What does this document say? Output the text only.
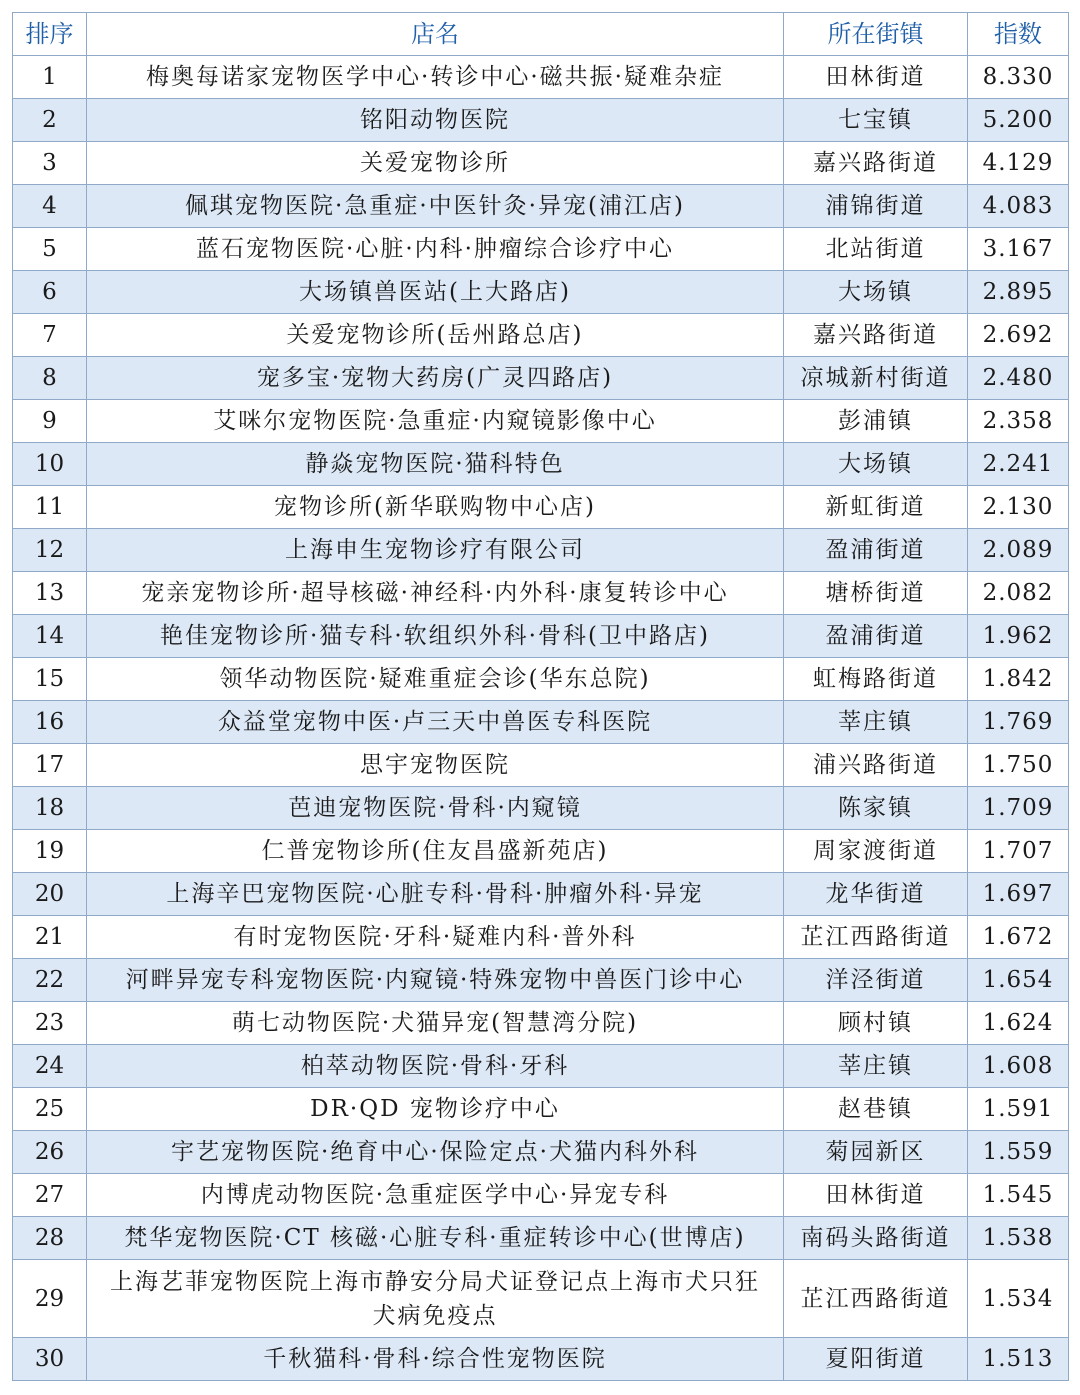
排序	店名	所在街镇	指数
1	梅奥每诺家宠物医学中心·转诊中心·磁共振·疑难杂症	田林街道	8.330
2	铭阳动物医院	七宝镇	5.200
3	关爱宠物诊所	嘉兴路街道	4.129
4	佩琪宠物医院·急重症·中医针灸·异宠(浦江店)	浦锦街道	4.083
5	蓝石宠物医院·心脏·内科·肿瘤综合诊疗中心	北站街道	3.167
6	大场镇兽医站(上大路店)	大场镇	2.895
7	关爱宠物诊所(岳州路总店)	嘉兴路街道	2.692
8	宠多宝·宠物大药房(广灵四路店)	凉城新村街道	2.480
9	艾咪尔宠物医院·急重症·内窥镜影像中心	彭浦镇	2.358
10	静焱宠物医院·猫科特色	大场镇	2.241
11	宠物诊所(新华联购物中心店)	新虹街道	2.130
12	上海申生宠物诊疗有限公司	盈浦街道	2.089
13	宠亲宠物诊所·超导核磁·神经科·内外科·康复转诊中心	塘桥街道	2.082
14	艳佳宠物诊所·猫专科·软组织外科·骨科(卫中路店)	盈浦街道	1.962
15	领华动物医院·疑难重症会诊(华东总院)	虹梅路街道	1.842
16	众益堂宠物中医·卢三天中兽医专科医院	莘庄镇	1.769
17	思宇宠物医院	浦兴路街道	1.750
18	芭迪宠物医院·骨科·内窥镜	陈家镇	1.709
19	仁普宠物诊所(住友昌盛新苑店)	周家渡街道	1.707
20	上海辛巴宠物医院·心脏专科·骨科·肿瘤外科·异宠	龙华街道	1.697
21	有时宠物医院·牙科·疑难内科·普外科	芷江西路街道	1.672
22	河畔异宠专科宠物医院·内窥镜·特殊宠物中兽医门诊中心	洋泾街道	1.654
23	萌七动物医院·犬猫异宠(智慧湾分院)	顾村镇	1.624
24	柏萃动物医院·骨科·牙科	莘庄镇	1.608
25	DR·QD 宠物诊疗中心	赵巷镇	1.591
26	宇艺宠物医院·绝育中心·保险定点·犬猫内科外科	菊园新区	1.559
27	内博虎动物医院·急重症医学中心·异宠专科	田林街道	1.545
28	梵华宠物医院·CT 核磁·心脏专科·重症转诊中心(世博店)	南码头路街道	1.538
29	上海艺菲宠物医院上海市静安分局犬证登记点上海市犬只狂犬病免疫点	芷江西路街道	1.534
30	千秋猫科·骨科·综合性宠物医院	夏阳街道	1.513
